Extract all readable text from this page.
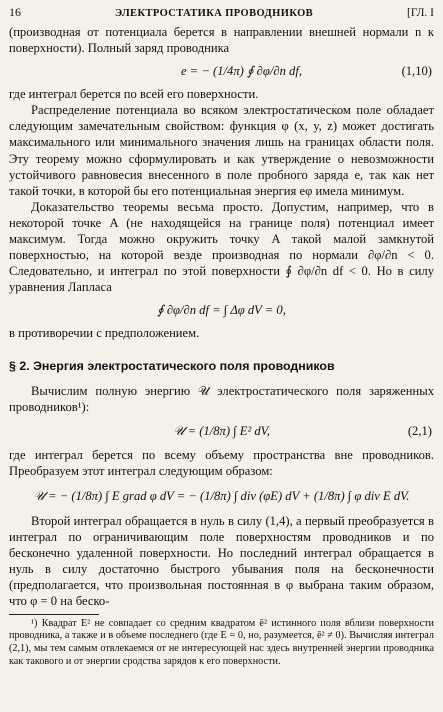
16	ЭЛЕКТРОСТАТИКА ПРОВОДНИКОВ	[ГЛ. I

(производная от потенциала берется в направлении внешней нормали n к поверхности). Полный заряд проводника

e = − (1/4π) ∮ ∂φ/∂n df,	(1,10)

где интеграл берется по всей его поверхности.

Распределение потенциала во всяком электростатическом поле обладает следующим замечательным свойством: функция φ (x, y, z) может достигать максимального или минимального значения лишь на границах области поля. Эту теорему можно сформулировать и как утверждение о невозможности устойчивого равновесия внесенного в поле пробного заряда e, так как нет такой точки, в которой бы его потенциальная энергия eφ имела минимум.

Доказательство теоремы весьма просто. Допустим, например, что в некоторой точке A (не находящейся на границе поля) потенциал имеет максимум. Тогда можно окружить точку A такой малой замкнутой поверхностью, на которой везде производная по нормали ∂φ/∂n < 0. Следовательно, и интеграл по этой поверхности ∮ ∂φ/∂n df < 0. Но в силу уравнения Лапласа

∮ ∂φ/∂n df = ∫ Δφ dV = 0,

в противоречии с предположением.

§ 2. Энергия электростатического поля проводников

Вычислим полную энергию 𝒰 электростатического поля заряженных проводников¹):

𝒰 = (1/8π) ∫ E² dV,	(2,1)

где интеграл берется по всему объему пространства вне проводников. Преобразуем этот интеграл следующим образом:

𝒰 = − (1/8π) ∫ E grad φ dV = − (1/8π) ∫ div (φE) dV + (1/8π) ∫ φ div E dV.

Второй интеграл обращается в нуль в силу (1,4), а первый преобразуется в интеграл по ограничивающим поле поверхностям проводников и по бесконечно удаленной поверхности. Но последний интеграл обращается в нуль в силу достаточно быстрого убывания поля на бесконечности (предполагается, что произвольная постоянная в φ выбрана таким образом, что φ = 0 на беско-

¹) Квадрат E² не совпадает со средним квадратом ē² истинного поля вблизи поверхности проводника, а также и в объеме последнего (где E = 0, но, разумеется, ē² ≠ 0). Вычисляя интеграл (2,1), мы тем самым отвлекаемся от не интересующей нас здесь внутренней энергии проводника как такового и от энергии сродства зарядов к его поверхности.
